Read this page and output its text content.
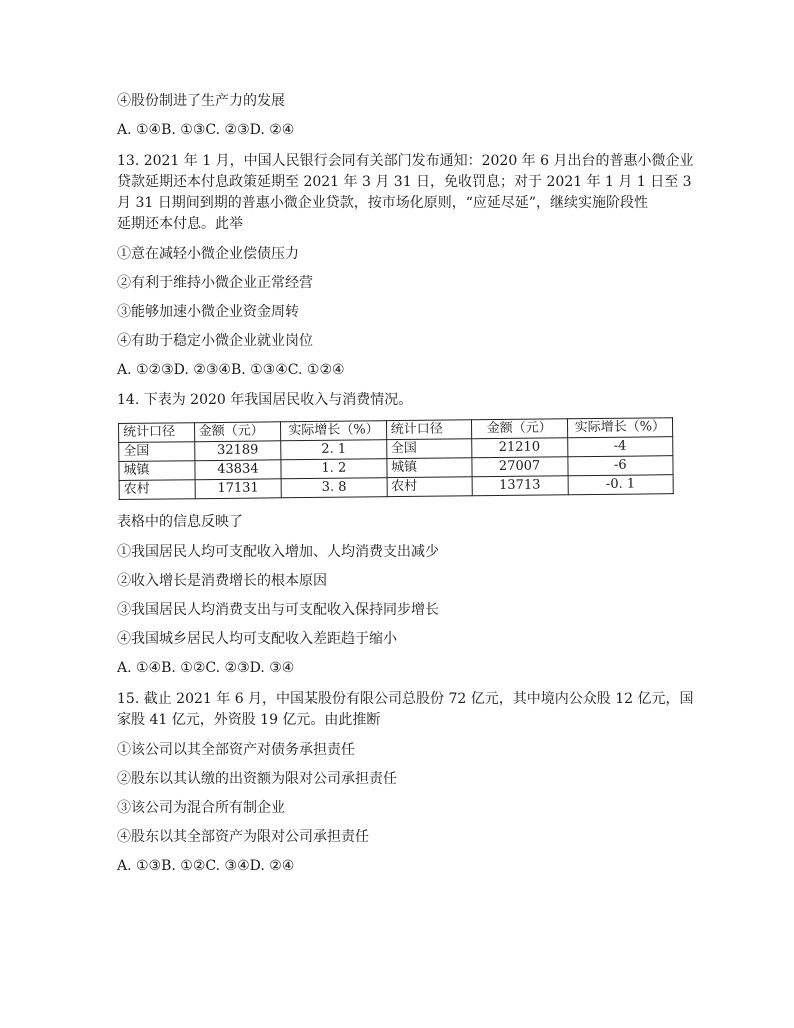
④股份制进了生产力的发展
A. ①④B. ①③C. ②③D. ②④
13. 2021 年 1 月，中国人民银行会同有关部门发布通知：2020 年 6 月出台的普惠小微企业
贷款延期还本付息政策延期至 2021 年 3 月 31 日，免收罚息；对于 2021 年 1 月 1 日至 3
月 31 日期间到期的普惠小微企业贷款，按市场化原则，“应延尽延”，继续实施阶段性
延期还本付息。此举
①意在减轻小微企业偿债压力
②有利于维持小微企业正常经营
③能够加速小微企业资金周转
④有助于稳定小微企业就业岗位
A. ①②③D. ②③④B. ①③④C. ①②④
14. 下表为 2020 年我国居民收入与消费情况。
统计口径	金额（元）	实际增长（%）	统计口径	金额（元）	实际增长（%）
全国	32189	2. 1	全国	21210	-4
城镇	43834	1. 2	城镇	27007	-6
农村	17131	3. 8	农村	13713	-0. 1
表格中的信息反映了
①我国居民人均可支配收入增加、人均消费支出减少
②收入增长是消费增长的根本原因
③我国居民人均消费支出与可支配收入保持同步增长
④我国城乡居民人均可支配收入差距趋于缩小
A. ①④B. ①②C. ②③D. ③④
15. 截止 2021 年 6 月，中国某股份有限公司总股份 72 亿元，其中境内公众股 12 亿元，国
家股 41 亿元，外资股 19 亿元。由此推断
①该公司以其全部资产对债务承担责任
②股东以其认缴的出资额为限对公司承担责任
③该公司为混合所有制企业
④股东以其全部资产为限对公司承担责任
A. ①③B. ①②C. ③④D. ②④
